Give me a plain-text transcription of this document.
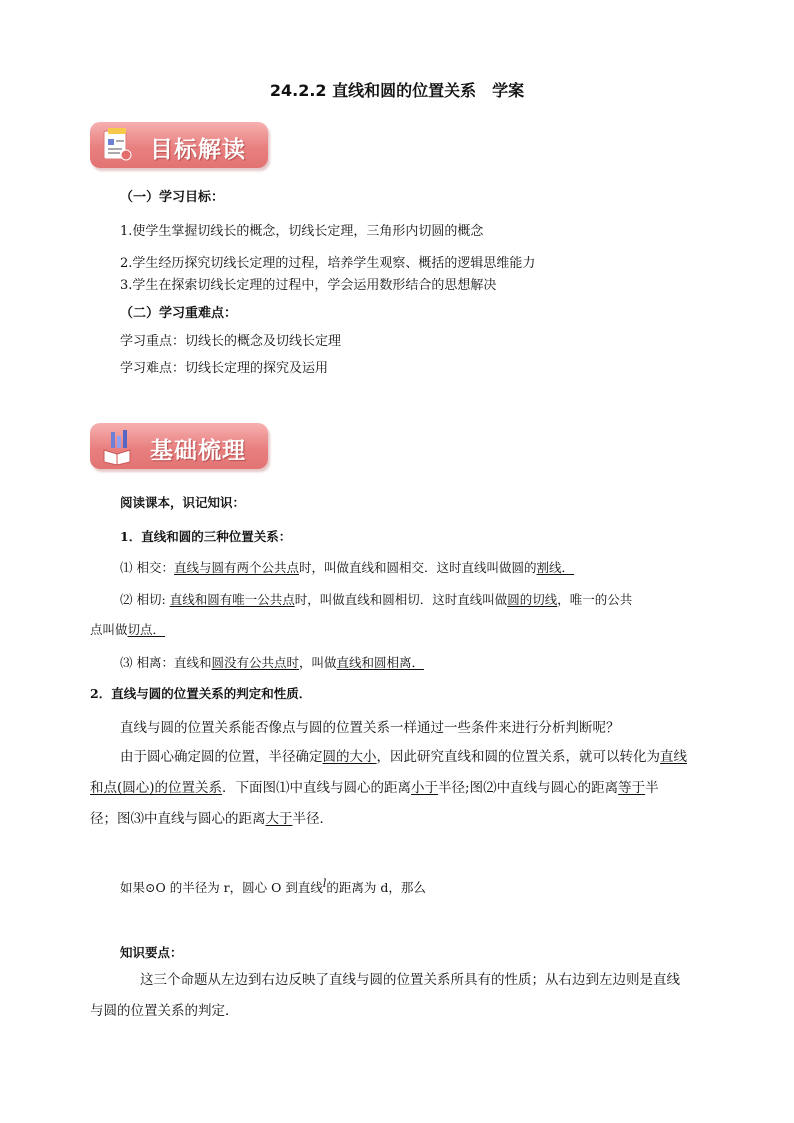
24.2.2 直线和圆的位置关系　学案
目标解读
（一）学习目标：
1.使学生掌握切线长的概念，切线长定理，三角形内切圆的概念
2.学生经历探究切线长定理的过程，培养学生观察、概括的逻辑思维能力
3.学生在探索切线长定理的过程中，学会运用数形结合的思想解决
（二）学习重难点：
学习重点：切线长的概念及切线长定理
学习难点：切线长定理的探究及运用
基础梳理
阅读课本，识记知识：
1．直线和圆的三种位置关系：
⑴ 相交：直线与圆有两个公共点时，叫做直线和圆相交．这时直线叫做圆的割线．
⑵ 相切: 直线和圆有唯一公共点时，叫做直线和圆相切．这时直线叫做圆的切线，唯一的公共
点叫做切点．
⑶ 相离：直线和圆没有公共点时，叫做直线和圆相离．
2．直线与圆的位置关系的判定和性质．
直线与圆的位置关系能否像点与圆的位置关系一样通过一些条件来进行分析判断呢？
由于圆心确定圆的位置，半径确定圆的大小，因此研究直线和圆的位置关系，就可以转化为直线
和点(圆心)的位置关系．下面图⑴中直线与圆心的距离小于半径;图⑵中直线与圆心的距离等于半
径；图⑶中直线与圆心的距离大于半径．
如果⊙O 的半径为 r，圆心 O 到直线l的距离为 d，那么
知识要点：
这三个命题从左边到右边反映了直线与圆的位置关系所具有的性质；从右边到左边则是直线
与圆的位置关系的判定．
